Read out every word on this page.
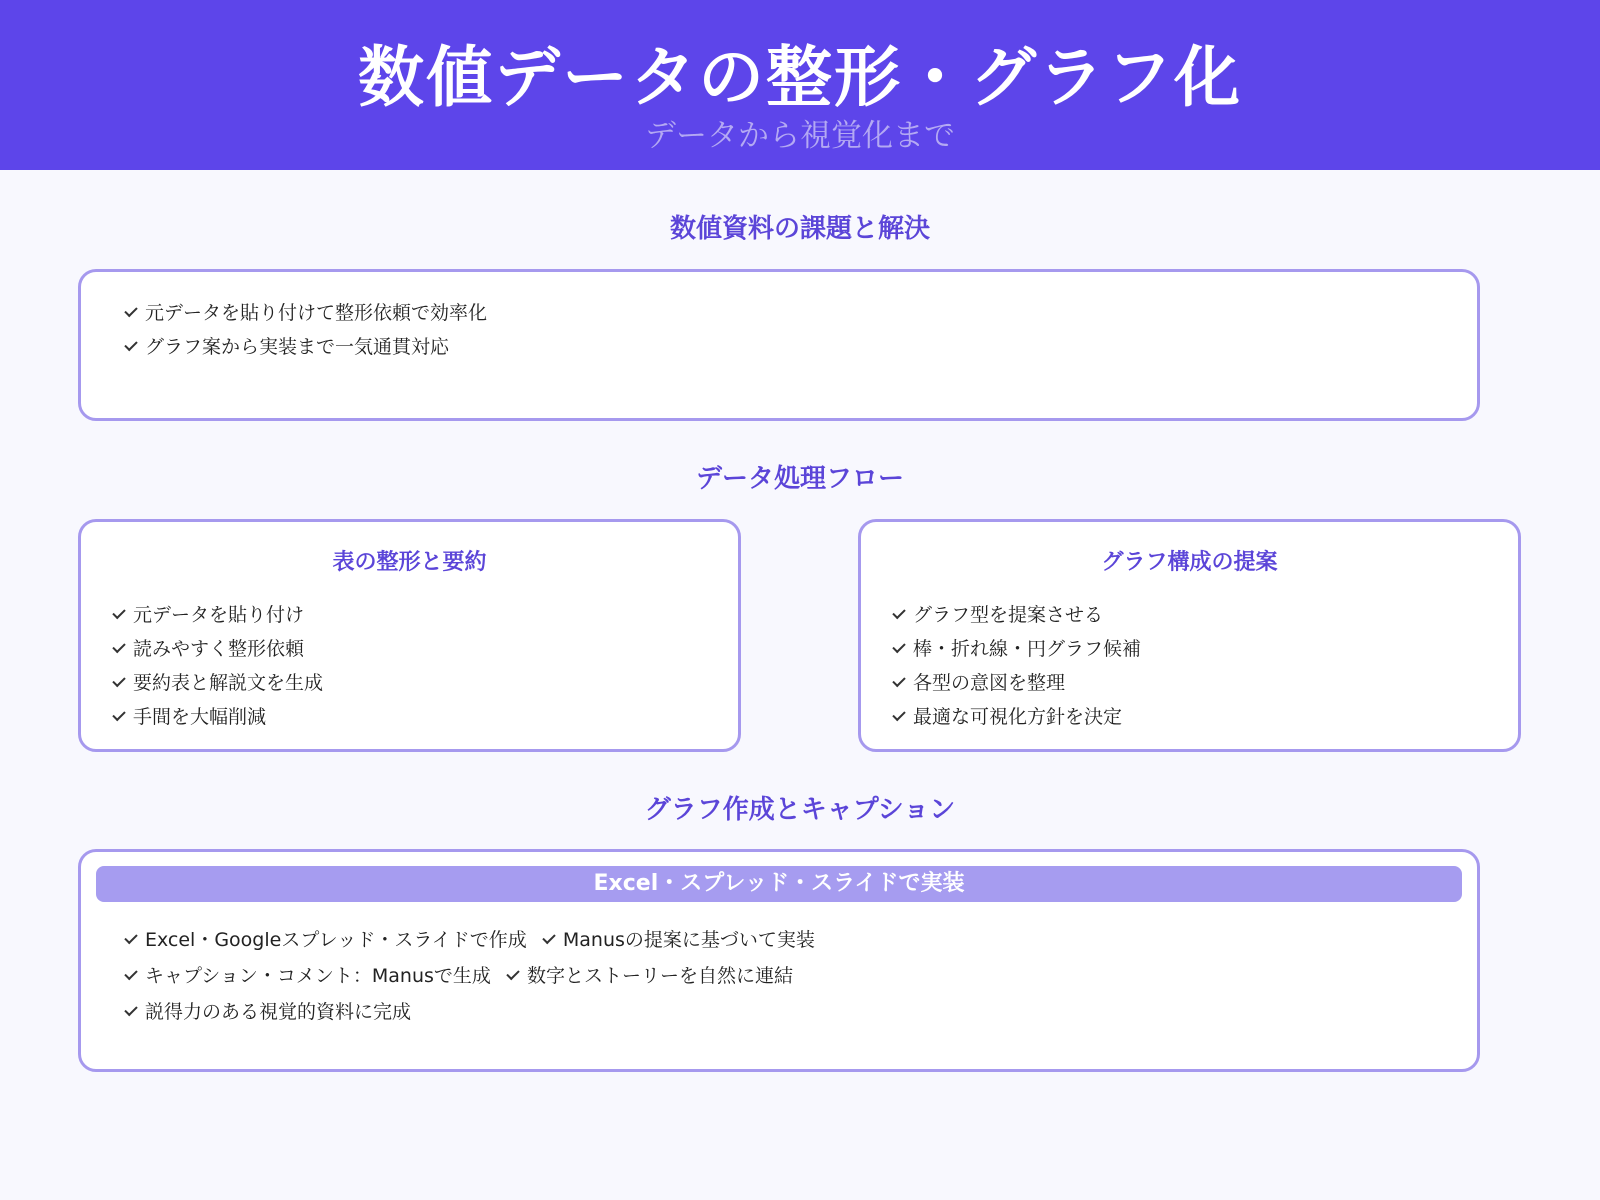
数値データの整形・グラフ化
データから視覚化まで
数値資料の課題と解決
元データを貼り付けて整形依頼で効率化
グラフ案から実装まで一気通貫対応
データ処理フロー
表の整形と要約
元データを貼り付け
読みやすく整形依頼
要約表と解説文を生成
手間を大幅削減
グラフ構成の提案
グラフ型を提案させる
棒・折れ線・円グラフ候補
各型の意図を整理
最適な可視化方針を決定
グラフ作成とキャプション
Excel・スプレッド・スライドで実装
Excel・Googleスプレッド・スライドで作成 Manusの提案に基づいて実装
キャプション・コメント：Manusで生成 数字とストーリーを自然に連結
説得力のある視覚的資料に完成
